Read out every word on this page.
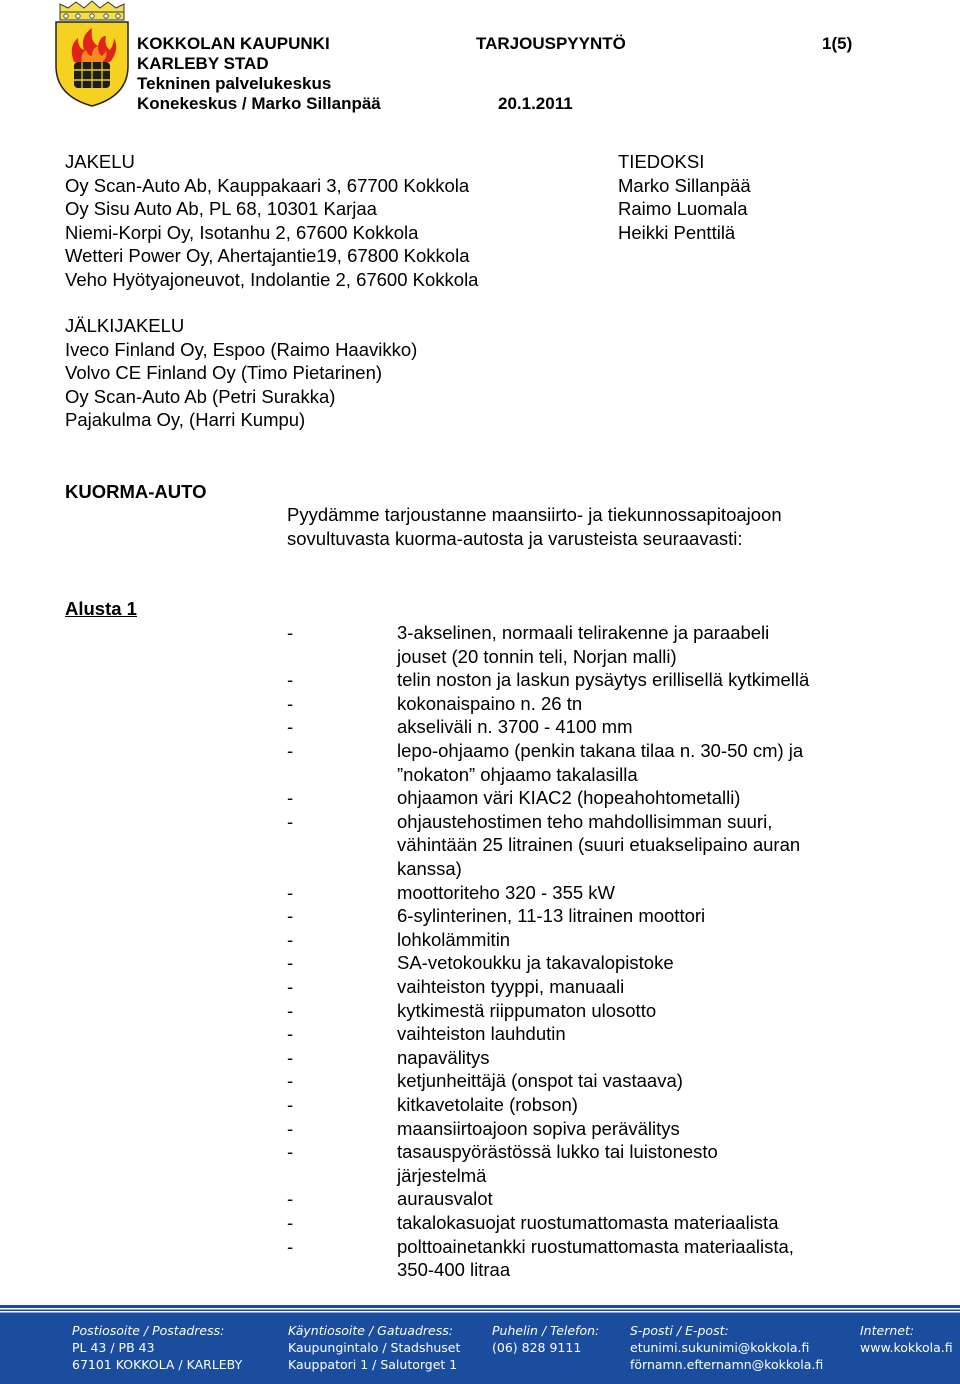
KOKKOLAN KAUPUNKI
KARLEBY STAD
Tekninen palvelukeskus
Konekeskus / Marko Sillanpää
TARJOUSPYYNTÖ	1(5)
20.1.2011
JAKELU
Oy Scan-Auto Ab, Kauppakaari 3, 67700 Kokkola
Oy Sisu Auto Ab, PL 68, 10301 Karjaa
Niemi-Korpi Oy, Isotanhu 2, 67600 Kokkola
Wetteri Power Oy, Ahertajantie19, 67800 Kokkola
Veho Hyötyajoneuvot, Indolantie 2, 67600 Kokkola
TIEDOKSI
Marko Sillanpää
Raimo Luomala
Heikki Penttilä
JÄLKIJAKELU
Iveco Finland Oy, Espoo (Raimo Haavikko)
Volvo CE Finland Oy (Timo Pietarinen)
Oy Scan-Auto Ab (Petri Surakka)
Pajakulma Oy, (Harri Kumpu)
KUORMA-AUTO
Pyydämme tarjoustanne maansiirto- ja tiekunnossapitoajoon
sovultuvasta kuorma-autosta ja varusteista seuraavasti:
Alusta 1
-	3-akselinen, normaali telirakenne ja paraabeli
jouset (20 tonnin teli, Norjan malli)
-	telin noston ja laskun pysäytys erillisellä kytkimellä
-	kokonaispaino n. 26 tn
-	akseliväli n. 3700 - 4100 mm
-	lepo-ohjaamo (penkin takana tilaa n. 30-50 cm) ja
”nokaton” ohjaamo takalasilla
-	ohjaamon väri KIAC2 (hopeahohtometalli)
-	ohjaustehostimen teho mahdollisimman suuri,
vähintään 25 litrainen (suuri etuakselipaino auran
kanssa)
-	moottoriteho 320 - 355 kW
-	6-sylinterinen, 11-13 litrainen moottori
-	lohkolämmitin
-	SA-vetokoukku ja takavalopistoke
-	vaihteiston tyyppi, manuaali
-	kytkimestä riippumaton ulosotto
-	vaihteiston lauhdutin
-	napavälitys
-	ketjunheittäjä (onspot tai vastaava)
-	kitkavetolaite (robson)
-	maansiirtoajoon sopiva perävälitys
-	tasauspyörästössä lukko tai luistonesto
järjestelmä
-	aurausvalot
-	takalokasuojat ruostumattomasta materiaalista
-	polttoainetankki ruostumattomasta materiaalista,
350-400 litraa
Postiosoite / Postadress:
PL 43 / PB 43
67101 KOKKOLA / KARLEBY
Käyntiosoite / Gatuadress:
Kaupungintalo / Stadshuset
Kauppatori 1 / Salutorget 1
Puhelin / Telefon:
(06) 828 9111
S-posti / E-post:
etunimi.sukunimi@kokkola.fi
förnamn.efternamn@kokkola.fi
Internet:
www.kokkola.fi
